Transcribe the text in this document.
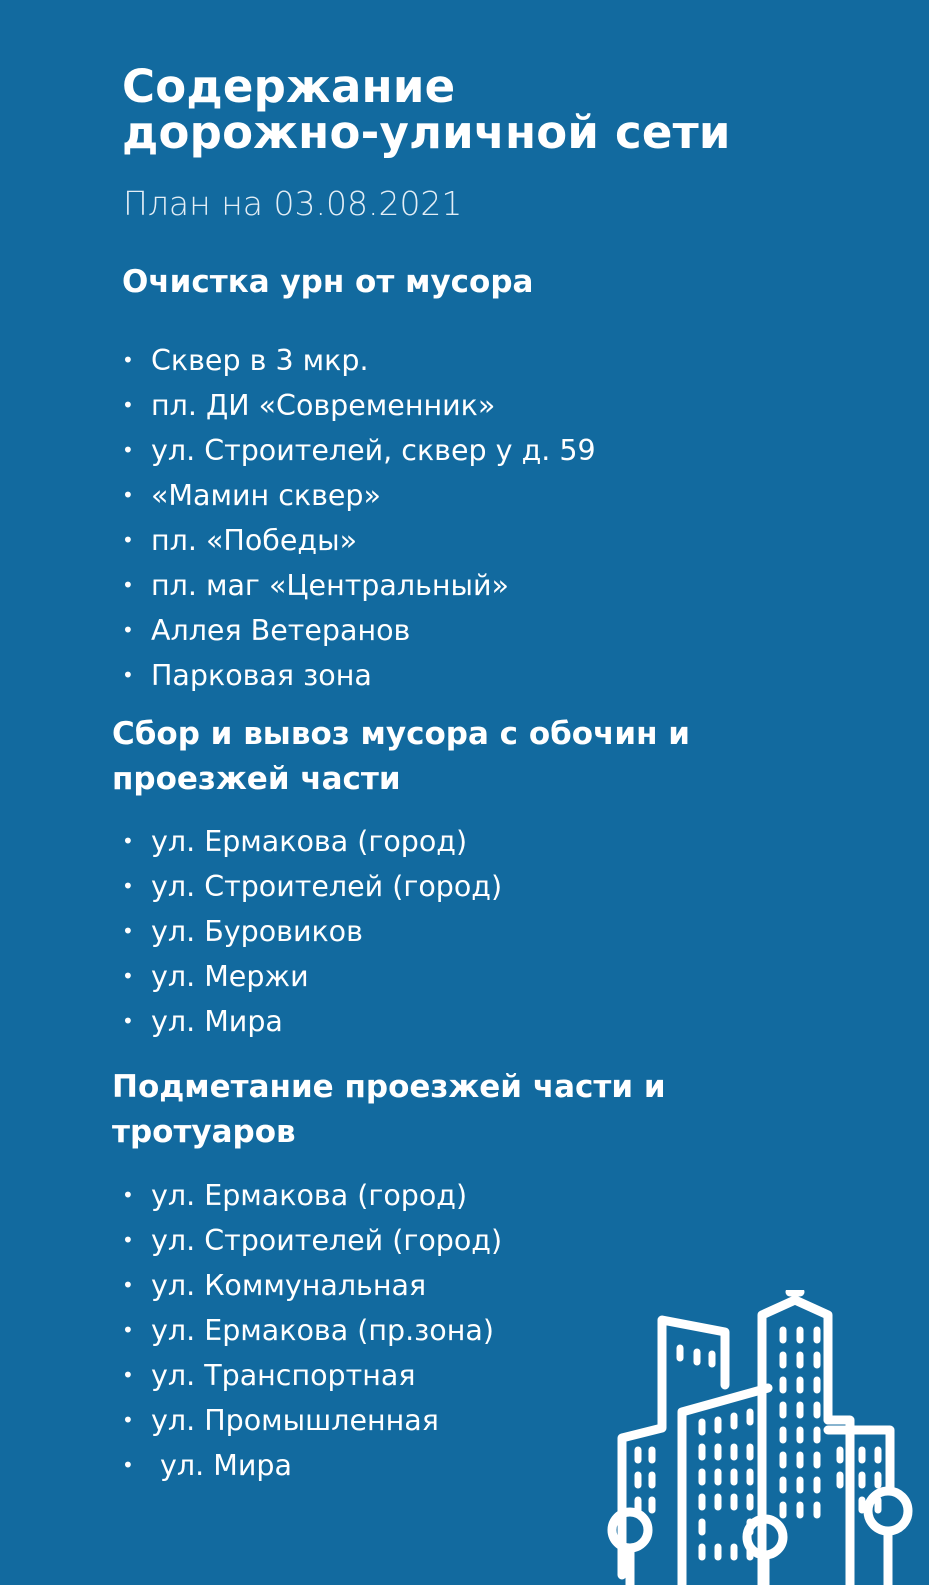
Содержание
дорожно-уличной сети
План на 03.08.2021
Очистка урн от мусора
• Сквер в 3 мкр.
• пл. ДИ «Современник»
• ул. Строителей, сквер у д. 59
• «Мамин сквер»
• пл. «Победы»
• пл. маг «Центральный»
• Аллея Ветеранов
• Парковая зона
Сбор и вывоз мусора с обочин и
проезжей части
• ул. Ермакова (город)
• ул. Строителей (город)
• ул. Буровиков
• ул. Мержи
• ул. Мира
Подметание проезжей части и
тротуаров
• ул. Ермакова (город)
• ул. Строителей (город)
• ул. Коммунальная
• ул. Ермакова (пр.зона)
• ул. Транспортная
• ул. Промышленная
• ул. Мира
